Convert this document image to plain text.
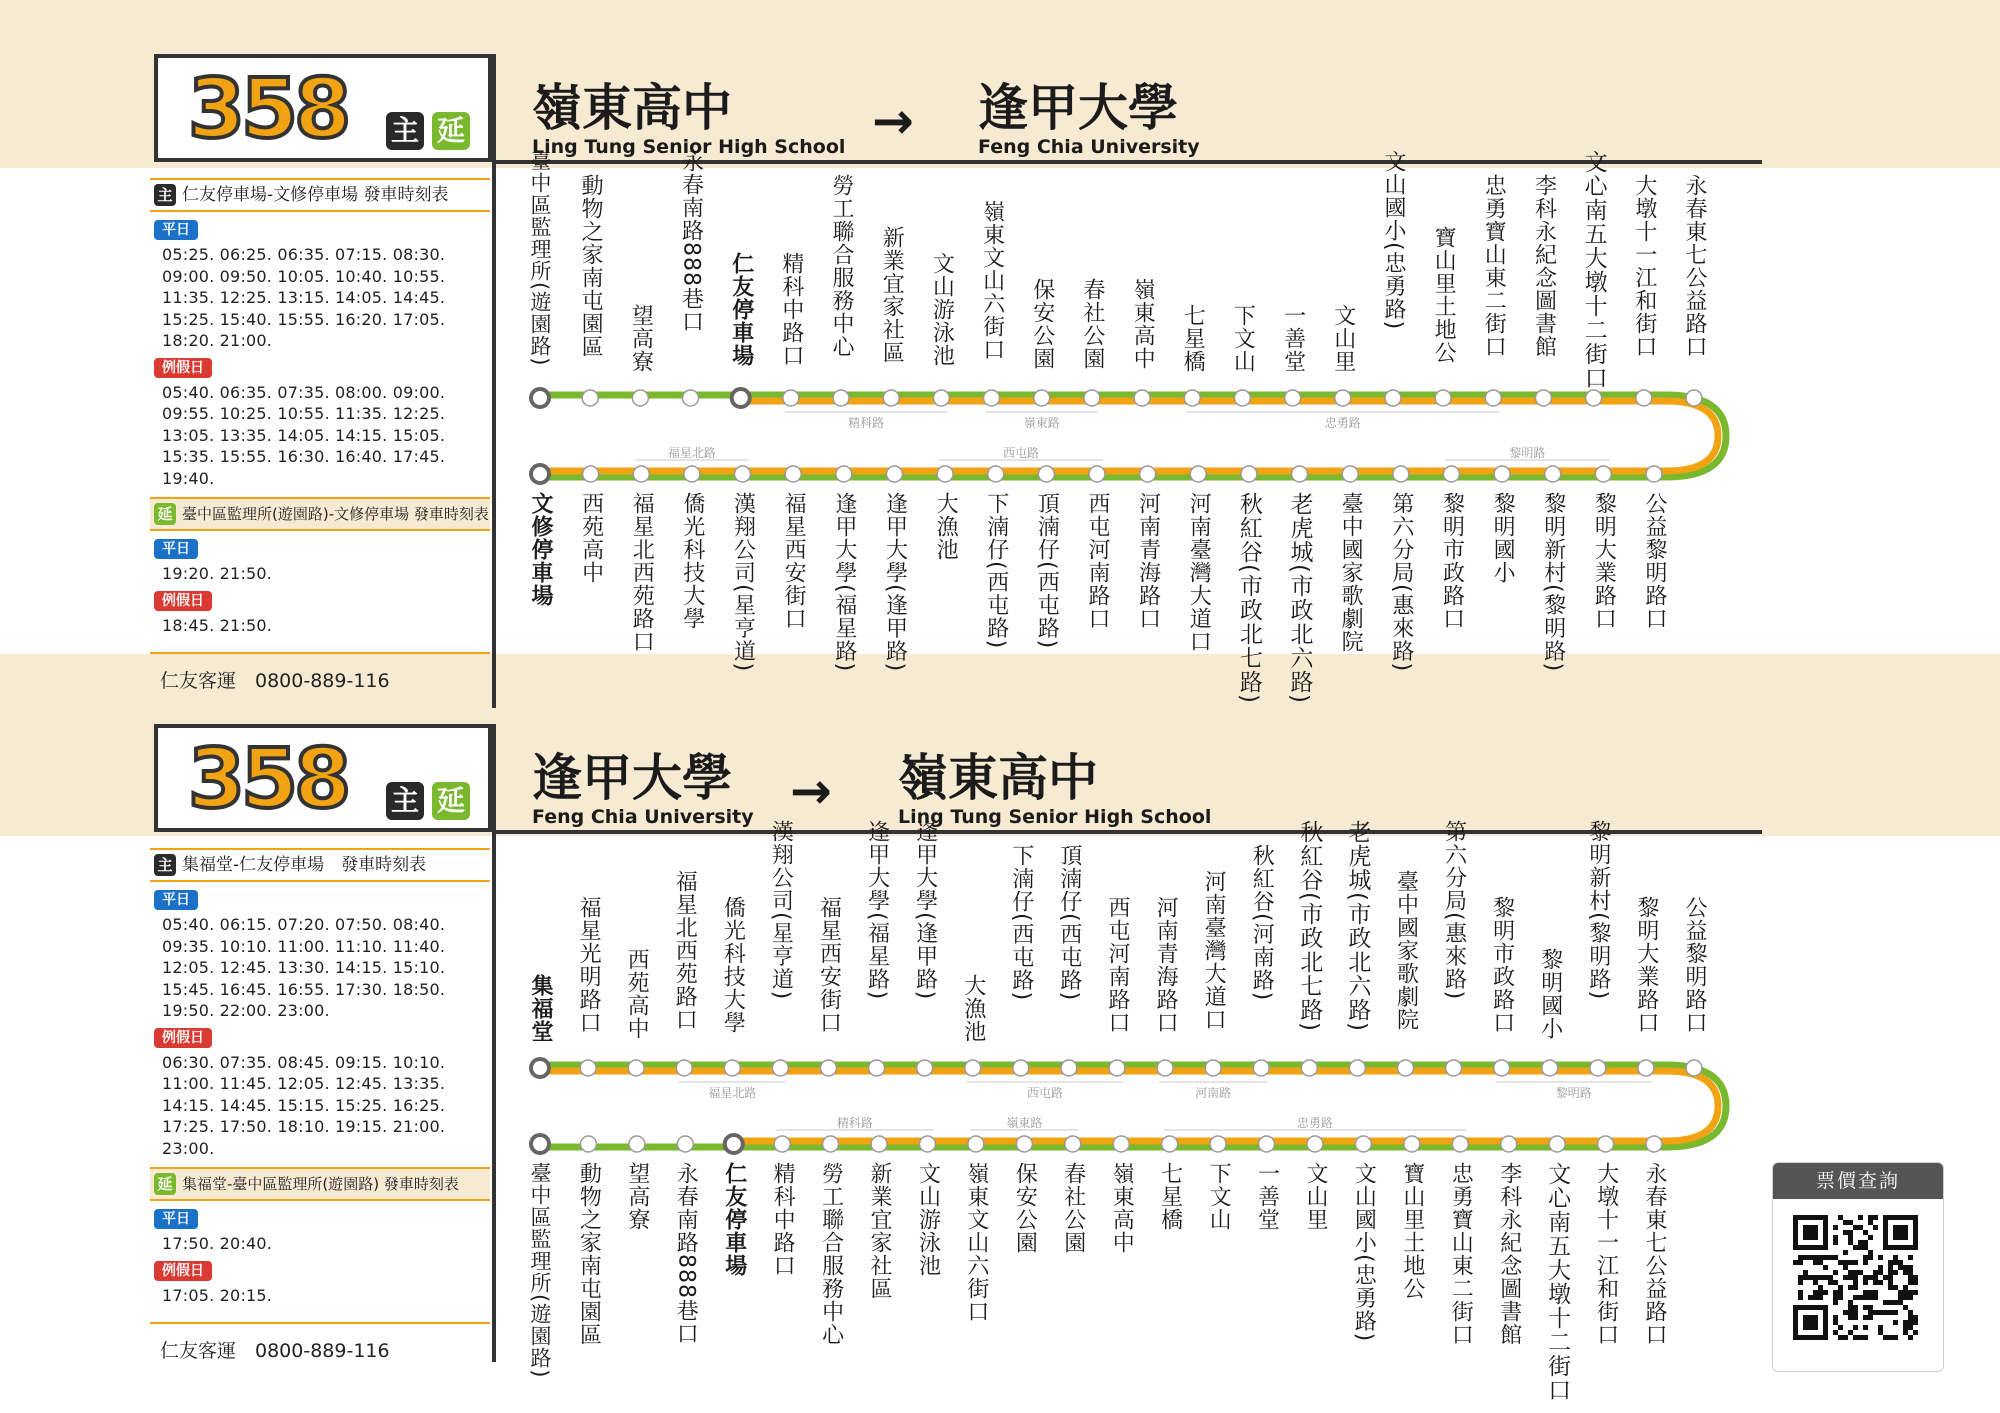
358 主 延 嶺東高中
Ling Tung Senior High School → 逢甲大學
Feng Chia University
主 仁友停車場-文修停車場 發車時刻表
平日
05:25. 06:25. 06:35. 07:15. 08:30.
09:00. 09:50. 10:05. 10:40. 10:55.
11:35. 12:25. 13:15. 14:05. 14:45.
15:25. 15:40. 15:55. 16:20. 17:05.
18:20. 21:00.
例假日
05:40. 06:35. 07:35. 08:00. 09:00.
09:55. 10:25. 10:55. 11:35. 12:25.
13:05. 13:35. 14:05. 14:15. 15:05.
15:35. 15:55. 16:30. 16:40. 17:45.
19:40.
延 臺中區監理所(遊園路)-文修停車場 發車時刻表
平日
19:20. 21:50.
例假日
18:45. 21:50.
仁友客運　0800-889-116
精科路	嶺東路	忠勇路
福星北路	西屯路	黎明路
臺中區監理所(遊園路) 動物之家南屯園區 望高寮
永春南路888巷口 仁友停車場 精科中路口 勞工聯合服務中心 新業宜家社區 文山游泳池 嶺東文山六街口 保安公園 春社公園 嶺東高中 七星橋 下文山 一善堂 文山里
文山國小(忠勇路) 寶山里土地公 忠勇寶山東二街口 李科永紀念圖書館 文心南五大墩十二街口 大墩十一江和街口 永春東七公益路口
文修停車場 西苑高中 福星北西苑路口 僑光科技大學 漢翔公司(星亨道) 福星西安街口 逢甲大學(福星路) 逢甲大學(逢甲路) 大漁池 下湳仔(西屯路) 頂湳仔(西屯路) 西屯河南路口 河南青海路口 河南臺灣大道口 秋紅谷(市政北七路) 老虎城(市政北六路) 臺中國家歌劇院 第六分局(惠來路) 黎明市政路口 黎明國小 黎明新村(黎明路) 黎明大業路口 公益黎明路口
358 主 延 逢甲大學
Feng Chia University → 嶺東高中
Ling Tung Senior High School
主 集福堂-仁友停車場　發車時刻表
平日
05:40. 06:15. 07:20. 07:50. 08:40.
09:35. 10:10. 11:00. 11:10. 11:40.
12:05. 12:45. 13:30. 14:15. 15:10.
15:45. 16:45. 16:55. 17:30. 18:50.
19:50. 22:00. 23:00.
例假日
06:30. 07:35. 08:45. 09:15. 10:10.
11:00. 11:45. 12:05. 12:45. 13:35.
14:15. 14:45. 15:15. 15:25. 16:25.
17:25. 17:50. 18:10. 19:15. 21:00.
23:00.
延 集福堂-臺中區監理所(遊園路) 發車時刻表
平日
17:50. 20:40.
例假日
17:05. 20:15.
仁友客運　0800-889-116
福星北路	西屯路	河南路	黎明路
精科路	嶺東路	忠勇路
集福堂 福星光明路口 西苑高中 福星北西苑路口 僑光科技大學 漢翔公司(星亨道) 福星西安街口 逢甲大學(福星路) 逢甲大學(逢甲路)
大漁池
下湳仔(西屯路) 頂湳仔(西屯路) 西屯河南路口 河南青海路口 河南臺灣大道口 秋紅谷(河南路) 秋紅谷(市政北七路) 老虎城(市政北六路) 臺中國家歌劇院 第六分局(惠來路) 黎明市政路口 黎明國小 黎明新村(黎明路) 黎明大業路口 公益黎明路口
臺中區監理所(遊園路) 動物之家南屯園區 望高寮 永春南路888巷口 仁友停車場 精科中路口 勞工聯合服務中心 新業宜家社區 文山游泳池 嶺東文山六街口 保安公園 春社公園 嶺東高中 七星橋 下文山 一善堂 文山里 文山國小(忠勇路) 寶山里土地公 忠勇寶山東二街口 李科永紀念圖書館 文心南五大墩十二街口 大墩十一江和街口 永春東七公益路口	票價查詢
